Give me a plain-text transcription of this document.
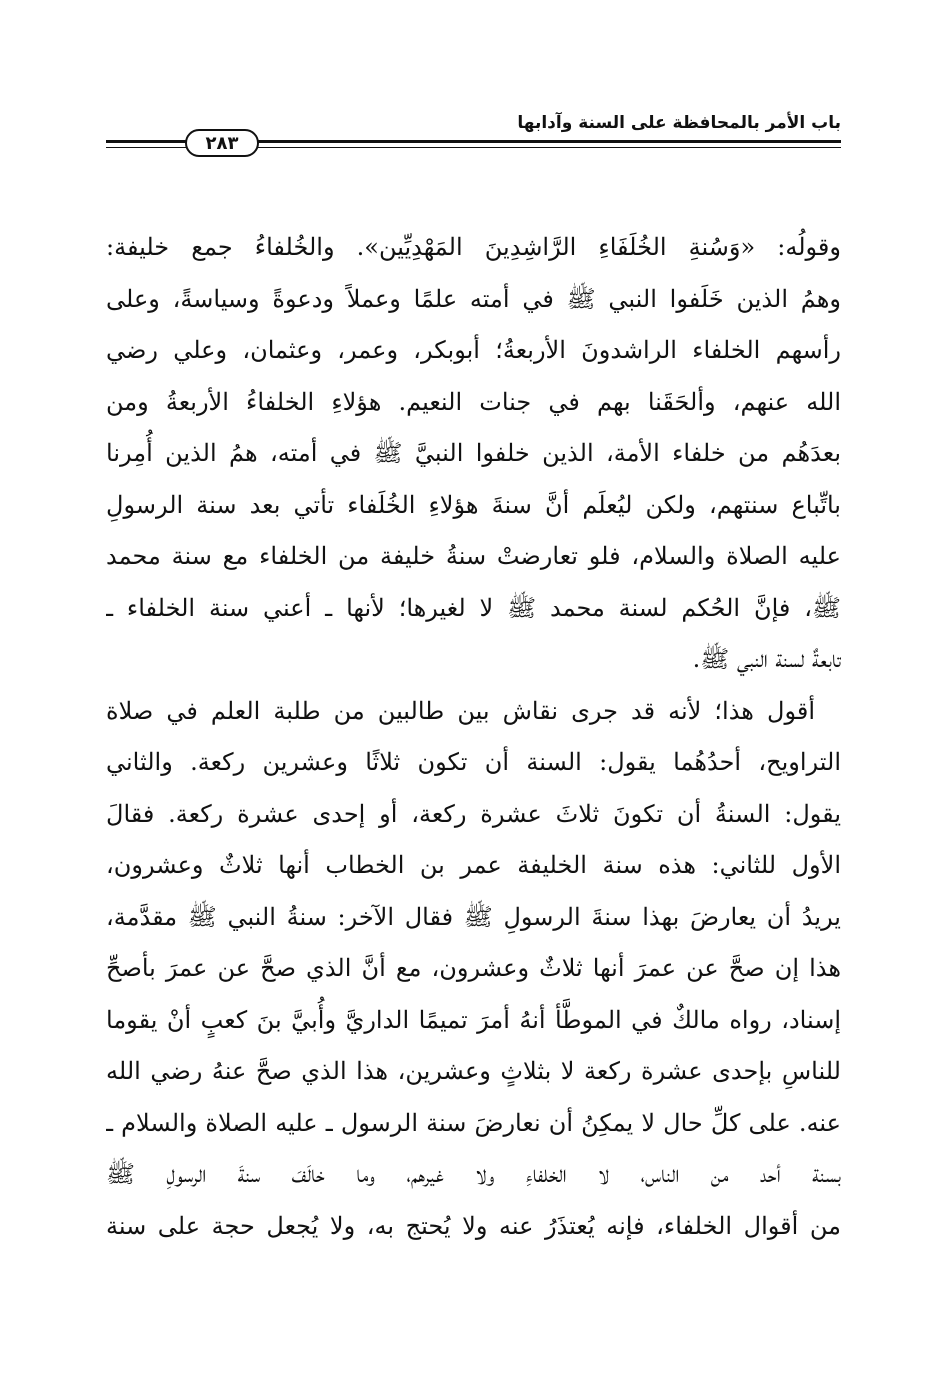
باب الأمر بالمحافظة على السنة وآدابها
٢٨٣
وقولُه: «وَسُنةِ الخُلَفَاءِ الرَّاشِدِينَ المَهْدِيِّين». والخُلفاءُ جمع خليفة:
وهمُ الذين خَلَفوا النبي ﷺ في أمته علمًا وعملاً ودعوةً وسياسةً، وعلى
رأسهم الخلفاء الراشدونَ الأربعةُ؛ أبوبكر، وعمر، وعثمان، وعلي رضي
الله عنهم، وألحَقَنا بهم في جنات النعيم. هؤلاءِ الخلفاءُ الأربعةُ ومن
بعدَهُم من خلفاء الأمة، الذين خلفوا النبيَّ ﷺ في أمته، همُ الذين أُمِرنا
باتِّباع سنتهم، ولكن ليُعلَم أنَّ سنةَ هؤلاءِ الخُلَفاء تأتي بعد سنة الرسولِ
عليه الصلاة والسلام، فلو تعارضتْ سنةُ خليفة من الخلفاء مع سنة محمد
ﷺ، فإنَّ الحُكم لسنة محمد ﷺ لا لغيرها؛ لأنها ـ أعني سنة الخلفاء ـ
تابعةٌ لسنة النبي ﷺ.
أقول هذا؛ لأنه قد جرى نقاش بين طالبين من طلبة العلم في صلاة
التراويح، أحدُهُما يقول: السنة أن تكون ثلاثًا وعشرين ركعة. والثاني
يقول: السنةُ أن تكونَ ثلاثَ عشرة ركعة، أو إحدى عشرة ركعة. فقالَ
الأول للثاني: هذه سنة الخليفة عمر بن الخطاب أنها ثلاثٌ وعشرون،
يريدُ أن يعارضَ بهذا سنةَ الرسولِ ﷺ فقال الآخر: سنةُ النبي ﷺ مقدَّمة،
هذا إن صحَّ عن عمرَ أنها ثلاثٌ وعشرون، مع أنَّ الذي صحَّ عن عمرَ بأصحِّ
إسناد، رواه مالكٌ في الموطَّأ أنهُ أمرَ تميمًا الداريَّ وأُبيَّ بنَ كعبٍ أنْ يقوما
للناسِ بإحدى عشرة ركعة لا بثلاثٍ وعشرين، هذا الذي صحَّ عنهُ رضي الله
عنه. على كلِّ حال لا يمكِنُ أن نعارضَ سنة الرسول ـ عليه الصلاة والسلام ـ
بسنة أحد من الناس، لا الخلفاءِ ولا غيرهم، وما خالَفَ سنةَ الرسولِ ﷺ
من أقوال الخلفاء، فإنه يُعتذَرُ عنه ولا يُحتج به، ولا يُجعل حجة على سنة
